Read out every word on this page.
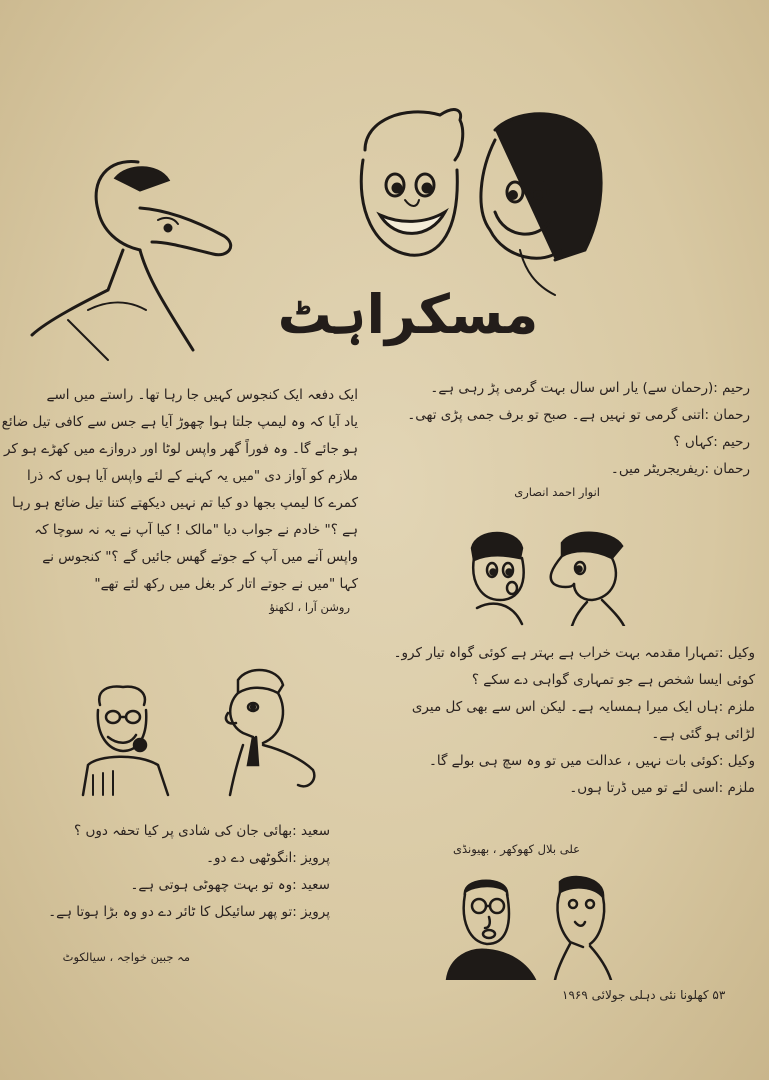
مسکراہٹ
رحیم :(رحمان سے) یار اس سال بہت گرمی پڑ رہی ہے۔
رحمان :اتنی گرمی تو نہیں ہے۔ صبح تو برف جمی پڑی تھی۔
رحیم :کہاں ؟
رحمان :ریفریجریٹر میں۔
انوار احمد انصاری
ایک دفعہ ایک کنجوس کہیں جا رہا تھا۔ راستے میں اسے
یاد آیا کہ وہ لیمپ جلتا ہوا چھوڑ آیا ہے جس سے کافی تیل ضائع
ہو جائے گا۔ وہ فوراً گھر واپس لوٹا اور دروازے میں کھڑے ہو کر
ملازم کو آواز دی "میں یہ کہنے کے لئے واپس آیا ہوں کہ ذرا
کمرے کا لیمپ بجھا دو کیا تم نہیں دیکھتے کتنا تیل ضائع ہو رہا
ہے ؟" خادم نے جواب دیا "مالک ! کیا آپ نے یہ نہ سوچا کہ
واپس آنے میں آپ کے جوتے گھس جائیں گے ؟" کنجوس نے
کہا "میں نے جوتے اتار کر بغل میں رکھ لئے تھے"
روشن آرا ، لکھنؤ
وکیل :تمہارا مقدمہ بہت خراب ہے بہتر ہے کوئی گواہ تیار کرو۔
کوئی ایسا شخص ہے جو تمہاری گواہی دے سکے ؟
ملزم :ہاں ایک میرا ہمسایہ ہے۔ لیکن اس سے بھی کل میری
لڑائی ہو گئی ہے۔
وکیل :کوئی بات نہیں ، عدالت میں تو وہ سچ ہی بولے گا۔
ملزم :اسی لئے تو میں ڈرتا ہوں۔
علی بلال کھوکھر ، بھیونڈی
سعید :بھائی جان کی شادی پر کیا تحفہ دوں ؟
پرویز :انگوٹھی دے دو۔
سعید :وہ تو بہت چھوٹی ہوتی ہے۔
پرویز :تو پھر سائیکل کا ٹائر دے دو وہ بڑا ہوتا ہے۔
مہ جبین خواجہ ، سیالکوٹ
۵۳ کھلونا نئی دہلی جولائی ۱۹۶۹
